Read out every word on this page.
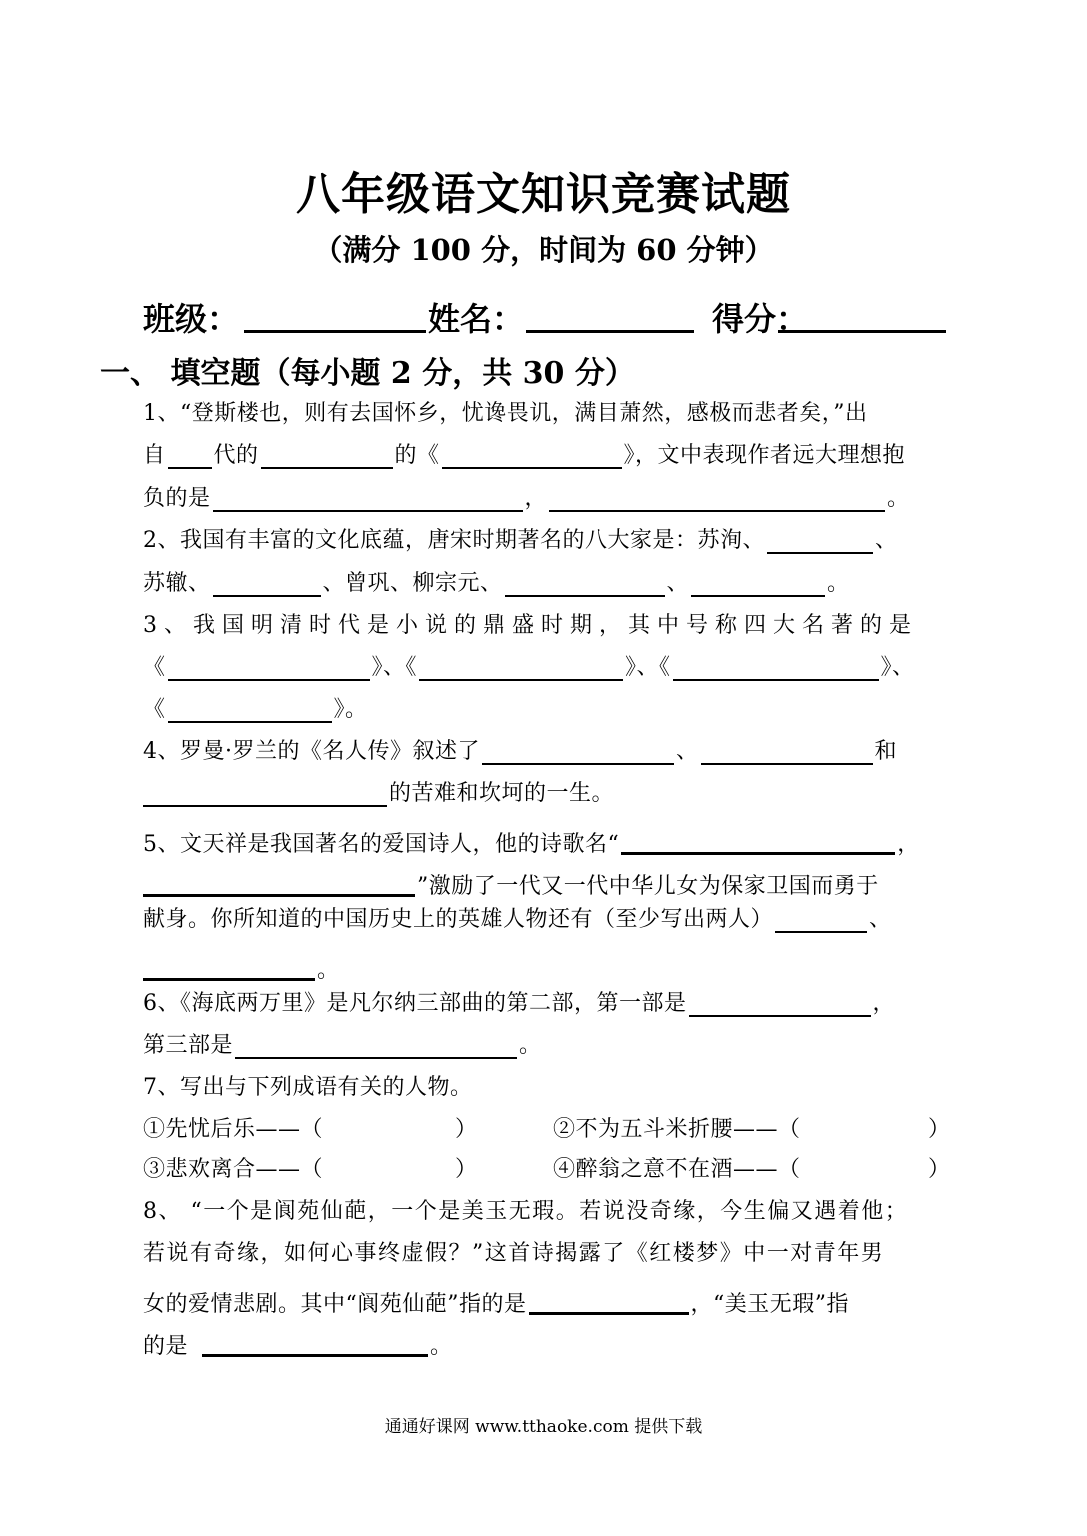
八年级语文知识竞赛试题
（满分 100 分，时间为 60 分钟）
班级：	姓名：	得分：
一、 填空题（每小题 2 分，共 30 分）
1、“登斯楼也，则有去国怀乡，忧谗畏讥，满目萧然，感极而悲者矣，”出
自 代的	的《	》，文中表现作者远大理想抱
负的是	，	。
2、我国有丰富的文化底蕴，唐宋时期著名的八大家是：苏洵、	、
苏辙、	、曾巩、柳宗元、	、	。
3、我国明清时代是小说的鼎盛时期，其中号称四大名著的是
《	》、《	》、《	》、
《	》。
4、罗曼·罗兰的《名人传》叙述了	、	和
的苦难和坎坷的一生。
5、文天祥是我国著名的爱国诗人，他的诗歌名“	，
”激励了一代又一代中华儿女为保家卫国而勇于
献身。你所知道的中国历史上的英雄人物还有（至少写出两人）	、
。
6、《海底两万里》是凡尔纳三部曲的第二部，第一部是	，
第三部是	。
7、写出与下列成语有关的人物。
①先忧后乐——（	）	②不为五斗米折腰——（	）
③悲欢离合——（	）	④醉翁之意不在酒——（	）
8、 “一个是阆苑仙葩，一个是美玉无瑕。若说没奇缘，今生偏又遇着他；
若说有奇缘，如何心事终虚假？”这首诗揭露了《红楼梦》中一对青年男
女的爱情悲剧。其中“阆苑仙葩”指的是	，“美玉无瑕”指
的是	。
通通好课网 www.tthaoke.com 提供下载
